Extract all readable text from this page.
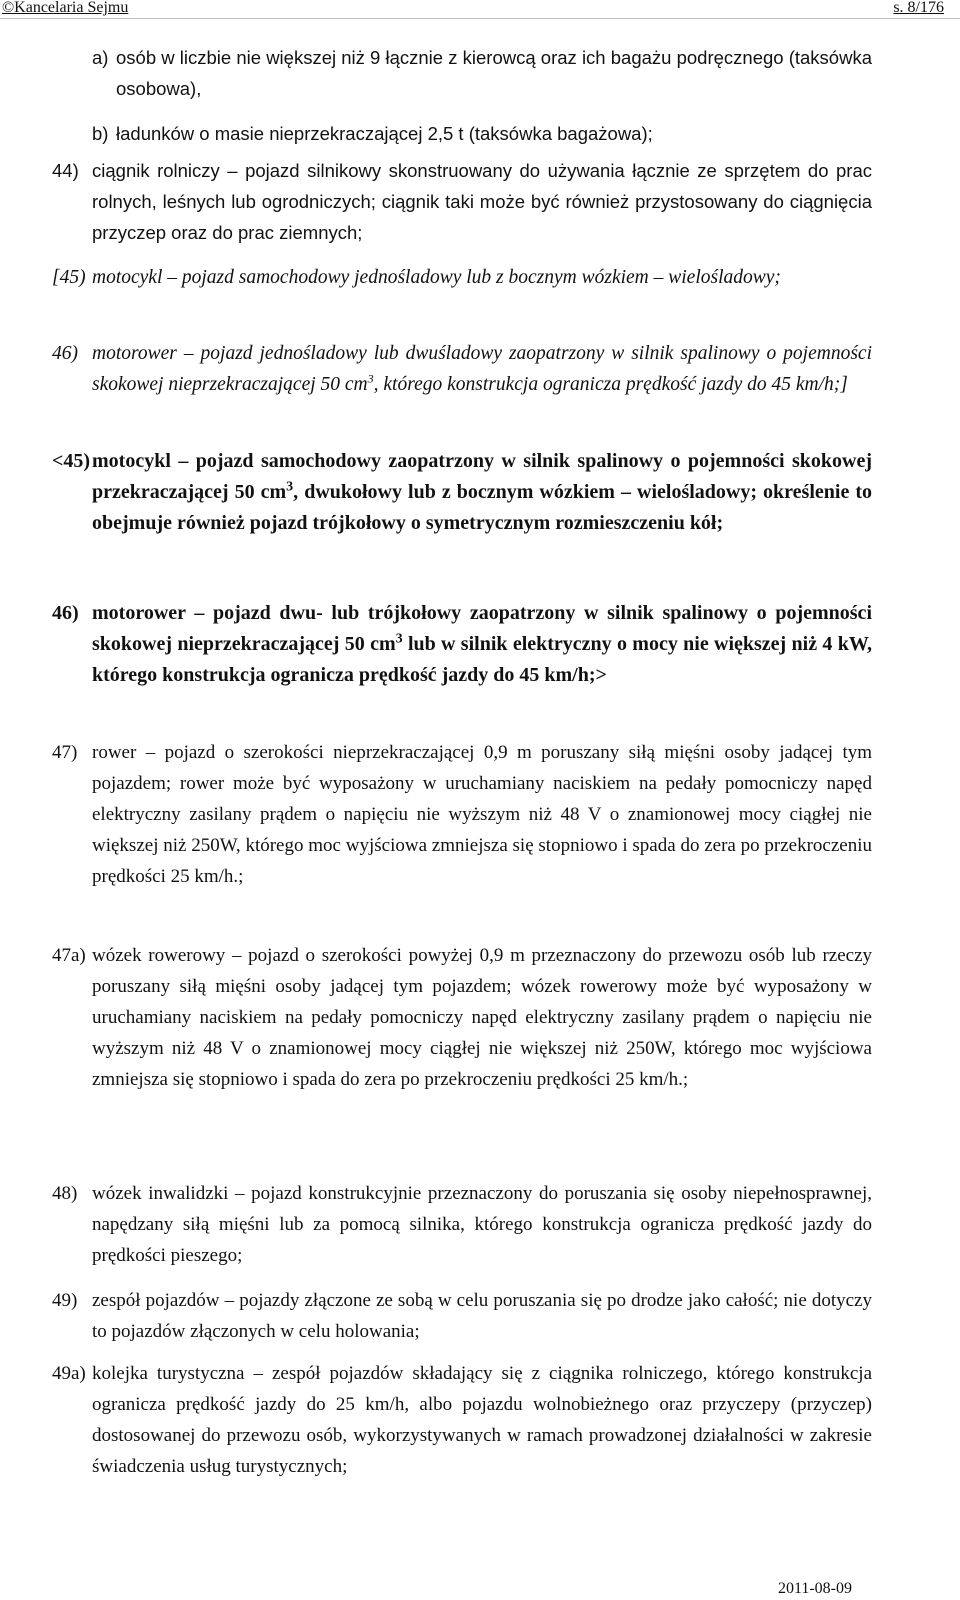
©Kancelaria Sejmu	s. 8/176
a) osób w liczbie nie większej niż 9 łącznie z kierowcą oraz ich bagażu podręcznego (taksówka osobowa),
b) ładunków o masie nieprzekraczającej 2,5 t (taksówka bagażowa);
44) ciągnik rolniczy – pojazd silnikowy skonstruowany do używania łącznie ze sprzętem do prac rolnych, leśnych lub ogrodniczych; ciągnik taki może być również przystosowany do ciągnięcia przyczep oraz do prac ziemnych;
[45) motocykl – pojazd samochodowy jednośladowy lub z bocznym wózkiem – wielośladowy;
46) motorower – pojazd jednośladowy lub dwuśladowy zaopatrzony w silnik spalinowy o pojemności skokowej nieprzekraczającej 50 $cm^3$, którego konstrukcja ogranicza prędkość jazdy do 45 km/h;]
<45) motocykl – pojazd samochodowy zaopatrzony w silnik spalinowy o pojemności skokowej przekraczającej 50 $cm^3$, dwukołowy lub z bocznym wózkiem – wielośladowy; określenie to obejmuje również pojazd trójkołowy o symetrycznym rozmieszczeniu kół;
46) motorower – pojazd dwu- lub trójkołowy zaopatrzony w silnik spalinowy o pojemności skokowej nieprzekraczającej 50 $cm^3$ lub w silnik elektryczny o mocy nie większej niż 4 kW, którego konstrukcja ogranicza prędkość jazdy do 45 km/h;>
47) rower – pojazd o szerokości nieprzekraczającej 0,9 m poruszany siłą mięśni osoby jadącej tym pojazdem; rower może być wyposażony w uruchamiany naciskiem na pedały pomocniczy napęd elektryczny zasilany prądem o napięciu nie wyższym niż 48 V o znamionowej mocy ciągłej nie większej niż 250W, którego moc wyjściowa zmniejsza się stopniowo i spada do zera po przekroczeniu prędkości 25 km/h.;
47a) wózek rowerowy – pojazd o szerokości powyżej 0,9 m przeznaczony do przewozu osób lub rzeczy poruszany siłą mięśni osoby jadącej tym pojazdem; wózek rowerowy może być wyposażony w uruchamiany naciskiem na pedały pomocniczy napęd elektryczny zasilany prądem o napięciu nie wyższym niż 48 V o znamionowej mocy ciągłej nie większej niż 250W, którego moc wyjściowa zmniejsza się stopniowo i spada do zera po przekroczeniu prędkości 25 km/h.;
48) wózek inwalidzki – pojazd konstrukcyjnie przeznaczony do poruszania się osoby niepełnosprawnej, napędzany siłą mięśni lub za pomocą silnika, którego konstrukcja ogranicza prędkość jazdy do prędkości pieszego;
49) zespół pojazdów – pojazdy złączone ze sobą w celu poruszania się po drodze jako całość; nie dotyczy to pojazdów złączonych w celu holowania;
49a) kolejka turystyczna – zespół pojazdów składający się z ciągnika rolniczego, którego konstrukcja ogranicza prędkość jazdy do 25 km/h, albo pojazdu wolnobieżnego oraz przyczepy (przyczep) dostosowanej do przewozu osób, wykorzystywanych w ramach prowadzonej działalności w zakresie świadczenia usług turystycznych;
2011-08-09
